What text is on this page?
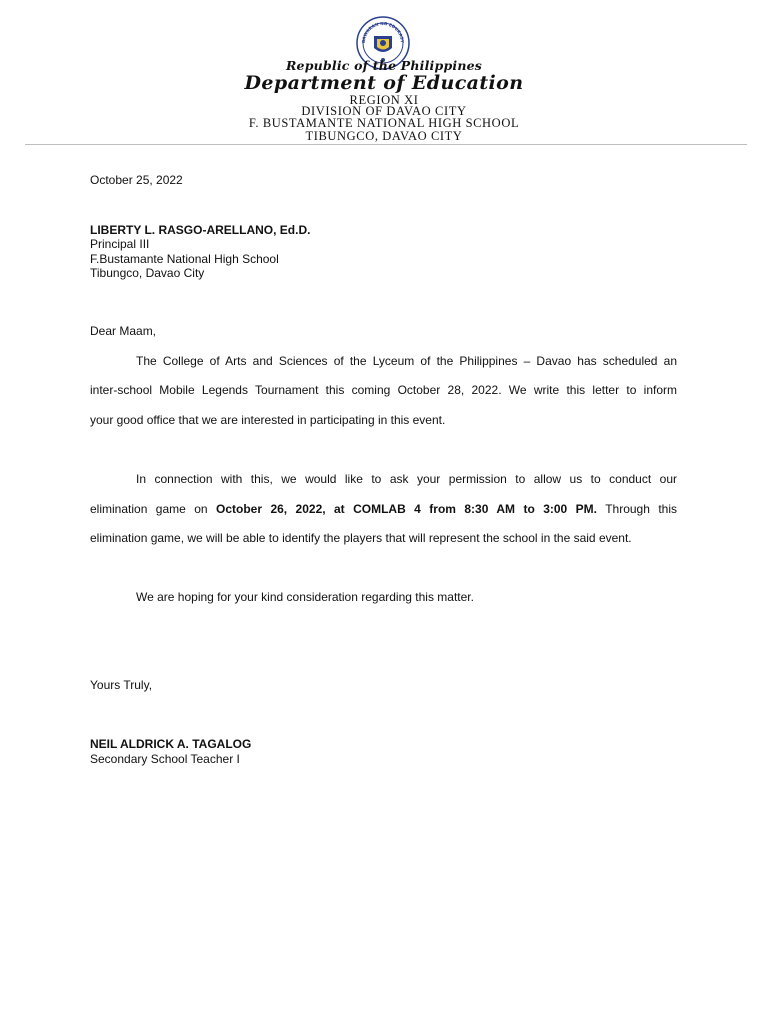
GAWARAN NG EDUKASY
Republic of the Philippines
Department of Education
REGION XI
DIVISION OF DAVAO CITY
F. BUSTAMANTE NATIONAL HIGH SCHOOL
TIBUNGCO, DAVAO CITY
October 25, 2022
LIBERTY L. RASGO-ARELLANO, Ed.D.
Principal III
F.Bustamante National High School
Tibungco, Davao City
Dear Maam,
The College of Arts and Sciences of the Lyceum of the Philippines – Davao has scheduled an
inter-school Mobile Legends Tournament this coming October 28, 2022. We write this letter to inform
your good office that we are interested in participating in this event.
In connection with this, we would like to ask your permission to allow us to conduct our
elimination game on October 26, 2022, at COMLAB 4 from 8:30 AM to 3:00 PM. Through this
elimination game, we will be able to identify the players that will represent the school in the said event.
We are hoping for your kind consideration regarding this matter.
Yours Truly,
NEIL ALDRICK A. TAGALOG
Secondary School Teacher I
